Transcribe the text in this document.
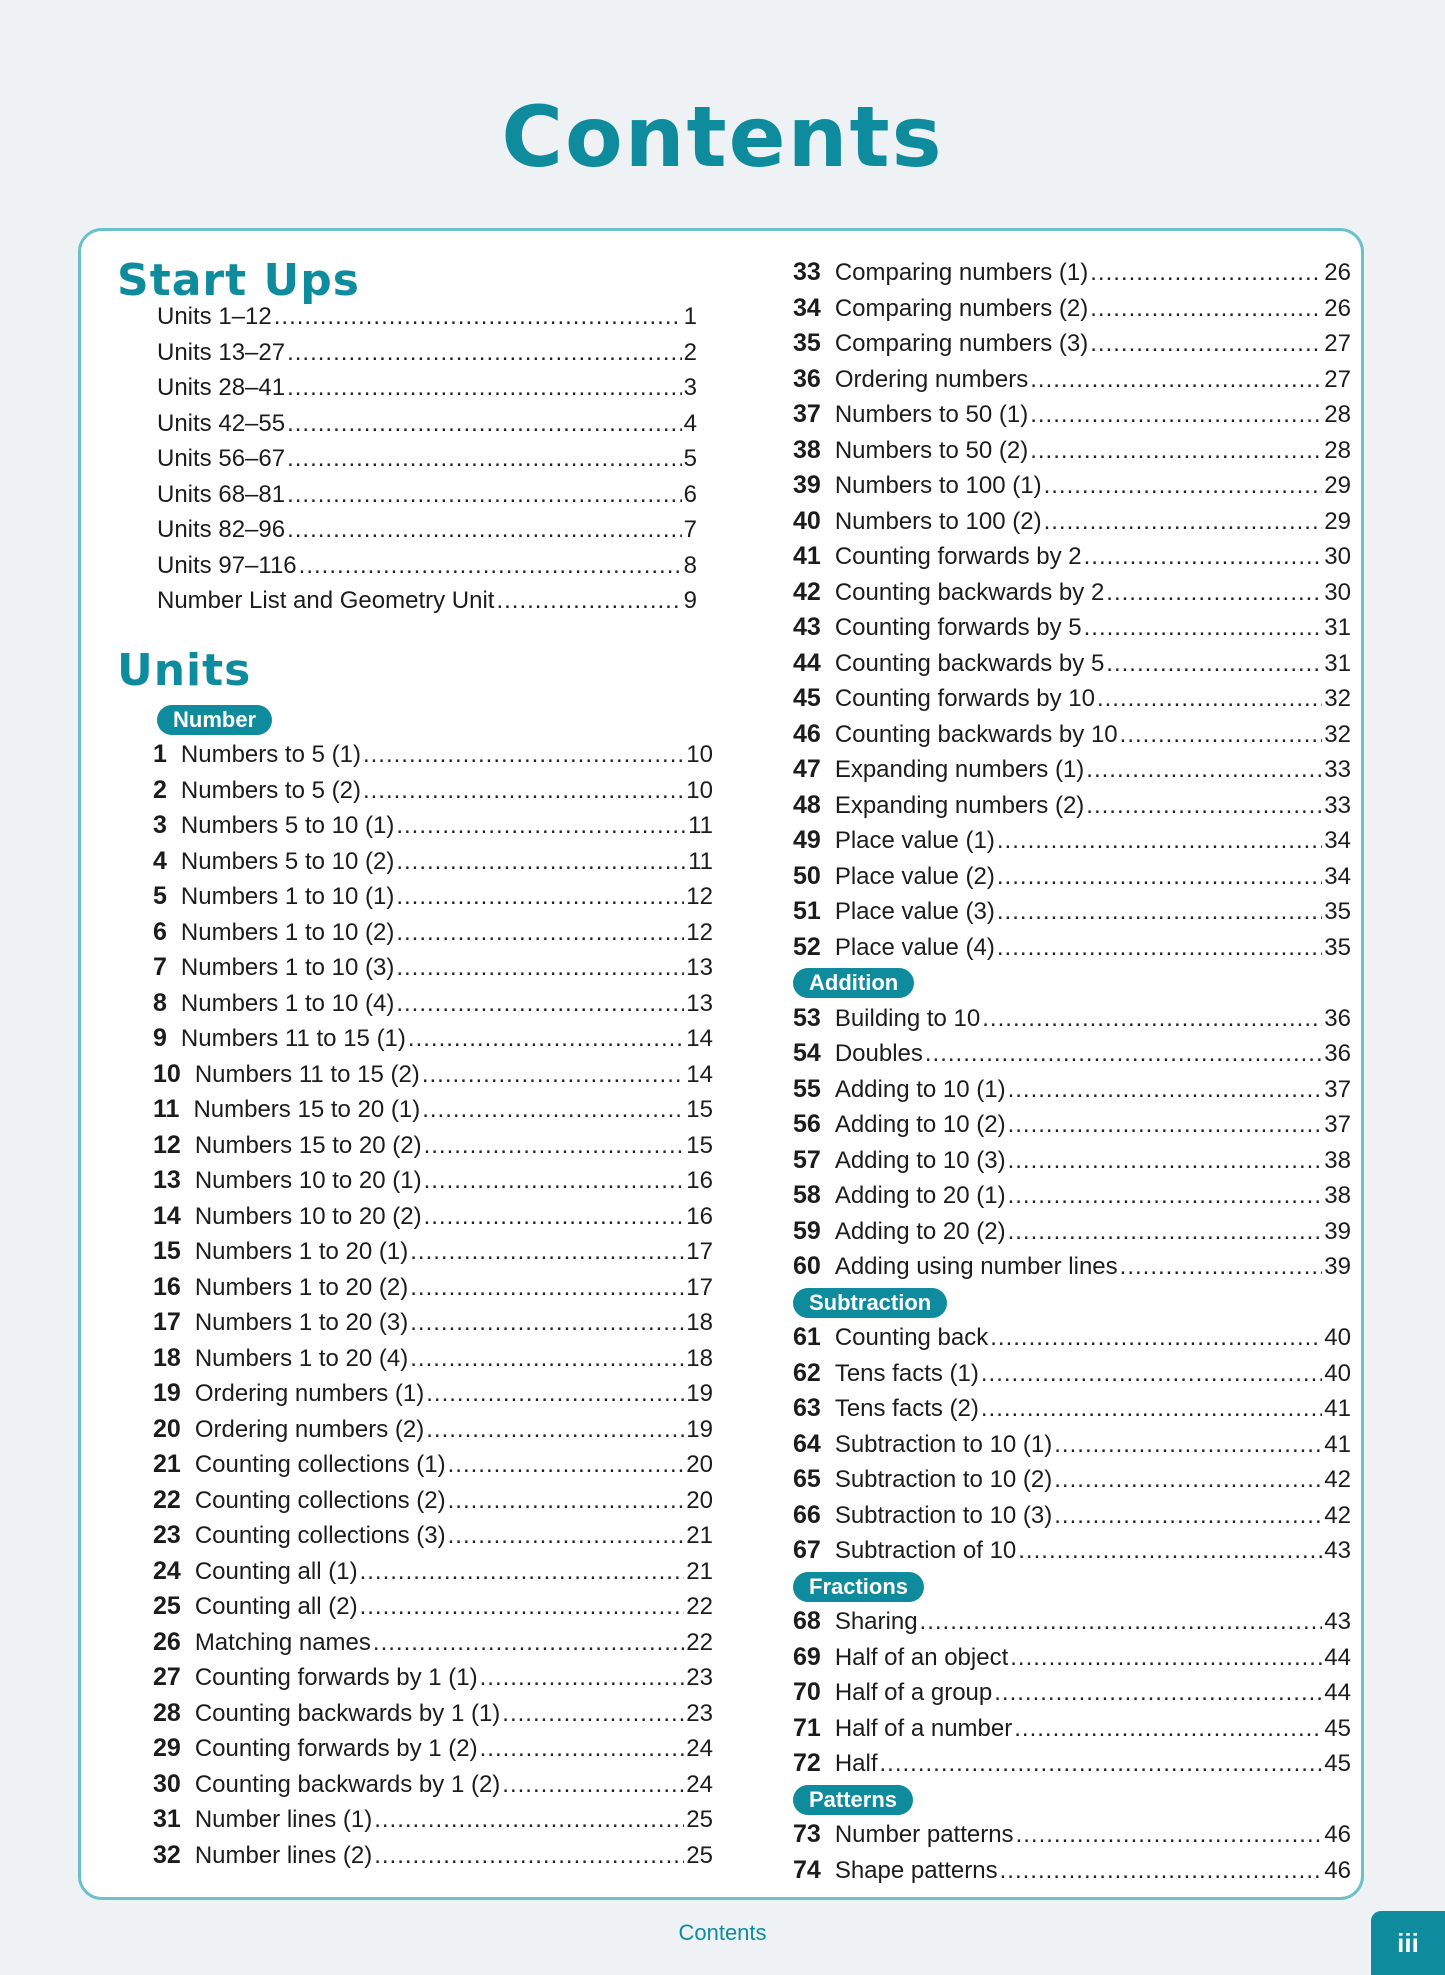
Contents
Start Ups
Units 1–12 .....	1
Units 13–27 .....	2
Units 28–41 .....	3
Units 42–55 .....	4
Units 56–67 .....	5
Units 68–81 .....	6
Units 82–96 .....	7
Units 97–116 .....	8
Number List and Geometry Unit .....	9
Units
Number
1 Numbers to 5 (1) .....	10
2 Numbers to 5 (2) .....	10
3 Numbers 5 to 10 (1) .....	11
4 Numbers 5 to 10 (2) .....	11
5 Numbers 1 to 10 (1) .....	12
6 Numbers 1 to 10 (2) .....	12
7 Numbers 1 to 10 (3) .....	13
8 Numbers 1 to 10 (4) .....	13
9 Numbers 11 to 15 (1) .....	14
10 Numbers 11 to 15 (2) .....	14
11 Numbers 15 to 20 (1) .....	15
12 Numbers 15 to 20 (2) .....	15
13 Numbers 10 to 20 (1) .....	16
14 Numbers 10 to 20 (2) .....	16
15 Numbers 1 to 20 (1) .....	17
16 Numbers 1 to 20 (2) .....	17
17 Numbers 1 to 20 (3) .....	18
18 Numbers 1 to 20 (4) .....	18
19 Ordering numbers (1) .....	19
20 Ordering numbers (2) .....	19
21 Counting collections (1) .....	20
22 Counting collections (2) .....	20
23 Counting collections (3) .....	21
24 Counting all (1) .....	21
25 Counting all (2) .....	22
26 Matching names .....	22
27 Counting forwards by 1 (1) .....	23
28 Counting backwards by 1 (1) .....	23
29 Counting forwards by 1 (2) .....	24
30 Counting backwards by 1 (2) .....	24
31 Number lines (1) .....	25
32 Number lines (2) .....	25
33 Comparing numbers (1) .....	26
34 Comparing numbers (2) .....	26
35 Comparing numbers (3) .....	27
36 Ordering numbers .....	27
37 Numbers to 50 (1) .....	28
38 Numbers to 50 (2) .....	28
39 Numbers to 100 (1) .....	29
40 Numbers to 100 (2) .....	29
41 Counting forwards by 2 .....	30
42 Counting backwards by 2 .....	30
43 Counting forwards by 5 .....	31
44 Counting backwards by 5 .....	31
45 Counting forwards by 10 .....	32
46 Counting backwards by 10 .....	32
47 Expanding numbers (1) .....	33
48 Expanding numbers (2) .....	33
49 Place value (1) .....	34
50 Place value (2) .....	34
51 Place value (3) .....	35
52 Place value (4) .....	35
Addition
53 Building to 10 .....	36
54 Doubles .....	36
55 Adding to 10 (1) .....	37
56 Adding to 10 (2) .....	37
57 Adding to 10 (3) .....	38
58 Adding to 20 (1) .....	38
59 Adding to 20 (2) .....	39
60 Adding using number lines .....	39
Subtraction
61 Counting back .....	40
62 Tens facts (1) .....	40
63 Tens facts (2) .....	41
64 Subtraction to 10 (1) .....	41
65 Subtraction to 10 (2) .....	42
66 Subtraction to 10 (3) .....	42
67 Subtraction of 10 .....	43
Fractions
68 Sharing .....	43
69 Half of an object .....	44
70 Half of a group .....	44
71 Half of a number .....	45
72 Half .....	45
Patterns
73 Number patterns .....	46
74 Shape patterns .....	46
Contents	iii
